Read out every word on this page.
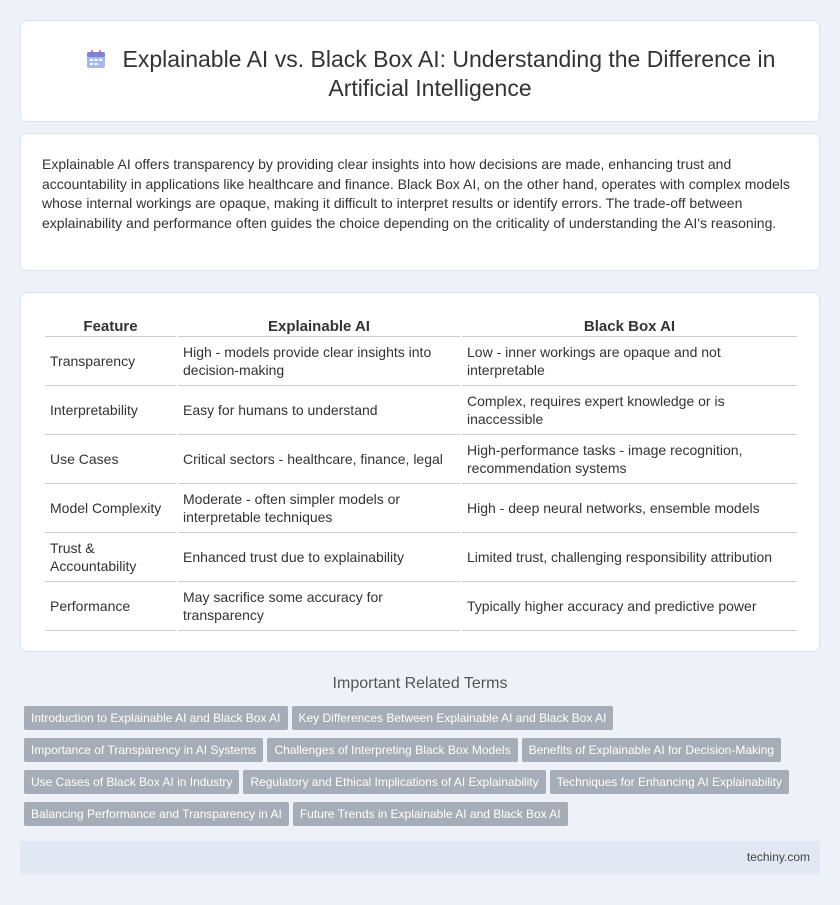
Explainable AI vs. Black Box AI: Understanding the Difference in Artificial Intelligence

Explainable AI offers transparency by providing clear insights into how decisions are made, enhancing trust and accountability in applications like healthcare and finance. Black Box AI, on the other hand, operates with complex models whose internal workings are opaque, making it difficult to interpret results or identify errors. The trade-off between explainability and performance often guides the choice depending on the criticality of understanding the AI's reasoning.

Feature	Explainable AI	Black Box AI
Transparency	High - models provide clear insights into decision-making	Low - inner workings are opaque and not interpretable
Interpretability	Easy for humans to understand	Complex, requires expert knowledge or is inaccessible
Use Cases	Critical sectors - healthcare, finance, legal	High-performance tasks - image recognition, recommendation systems
Model Complexity	Moderate - often simpler models or interpretable techniques	High - deep neural networks, ensemble models
Trust & Accountability	Enhanced trust due to explainability	Limited trust, challenging responsibility attribution
Performance	May sacrifice some accuracy for transparency	Typically higher accuracy and predictive power
Important Related Terms
Introduction to Explainable AI and Black Box AI Key Differences Between Explainable AI and Black Box AI
Importance of Transparency in AI Systems Challenges of Interpreting Black Box Models Benefits of Explainable AI for Decision-Making
Use Cases of Black Box AI in Industry Regulatory and Ethical Implications of AI Explainability Techniques for Enhancing AI Explainability
Balancing Performance and Transparency in AI Future Trends in Explainable AI and Black Box AI
techiny.com
